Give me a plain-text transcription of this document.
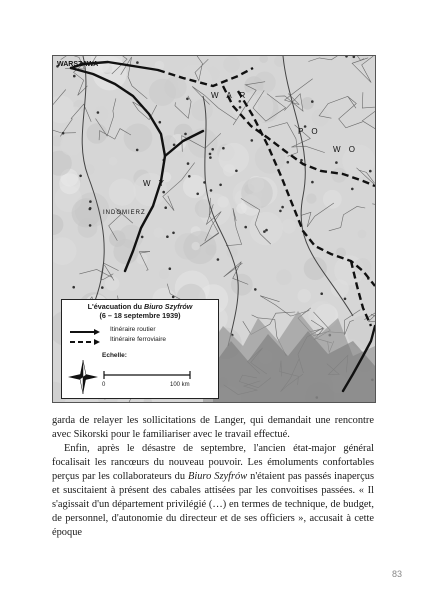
WARSZAWA
W A R
W Y
INDOMIERZ
P O
W O
L'évacuation du Biuro Szyfrów
(6 – 18 septembre 1939)
Itinéraire routier
Itinéraire ferroviaire
Echelle:
0	100 km

garda de relayer les sollicitations de Langer, qui demandait une rencontre avec Sikorski pour le familiariser avec le travail effectué.

Enfin, après le désastre de septembre, l'ancien état-major général focalisait les rancœurs du nouveau pouvoir. Les émoluments confortables perçus par les collaborateurs du Biuro Szyfrów n'étaient pas passés inaperçus et suscitaient à présent des cabales attisées par les convoitises passées. « Il s'agissait d'un département privilégié (…) en termes de technique, de budget, de personnel, d'autonomie du directeur et de ses officiers », accusait à cette époque

83
